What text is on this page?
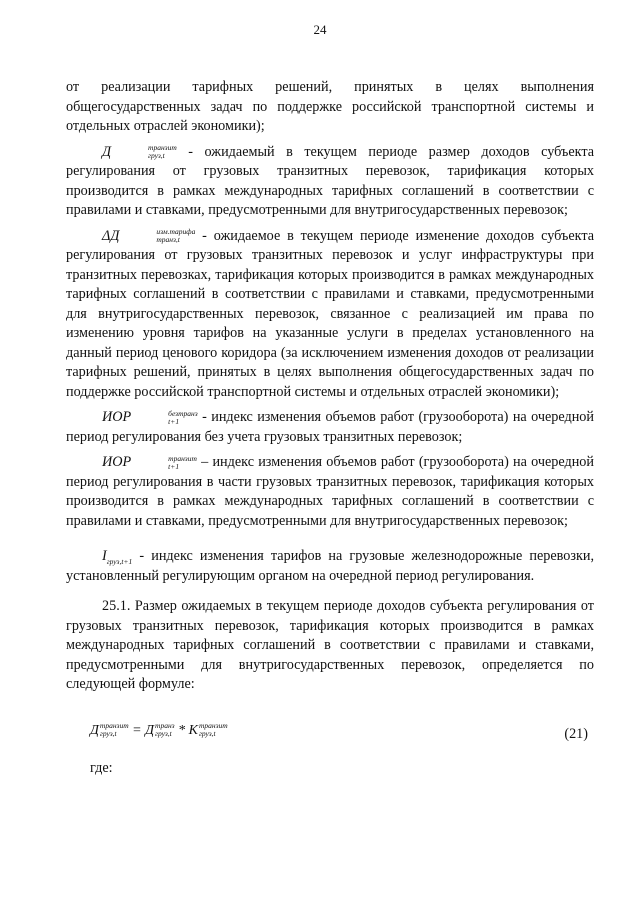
24

от реализации тарифных решений, принятых в целях выполнения общегосударственных задач по поддержке российской транспортной системы и отдельных отраслей экономики);

Д	транзит
груз,t - ожидаемый в текущем периоде размер доходов субъекта регулирования от грузовых транзитных перевозок, тарификация которых производится в рамках международных тарифных соглашений в соответствии с правилами и ставками, предусмотренными для внутригосударственных перевозок;

ΔД	изм.тарифа
транз,t	- ожидаемое в текущем периоде изменение доходов субъекта регулирования от грузовых транзитных перевозок и услуг инфраструктуры при транзитных перевозках, тарификация которых производится в рамках международных тарифных соглашений в соответствии с правилами и ставками, предусмотренными для внутригосударственных перевозок, связанное с реализацией им права по изменению уровня тарифов на указанные услуги в пределах установленного на данный период ценового коридора (за исключением изменения доходов от реализации тарифных решений, принятых в целях выполнения общегосударственных задач по поддержке российской транспортной системы и отдельных отраслей экономики);

ИОР	безтранз
t+1	- индекс изменения объемов работ (грузооборота) на очередной период регулирования без учета грузовых транзитных перевозок;

ИОР	транзит
t+1	– индекс изменения объемов работ (грузооборота) на очередной период регулирования в части грузовых транзитных перевозок, тарификация которых производится в рамках международных тарифных соглашений в соответствии с правилами и ставками, предусмотренными для внутригосударственных перевозок;

$I_{груз,t+1}$ - индекс изменения тарифов на грузовые железнодорожные перевозки, установленный регулирующим органом на очередной период регулирования.

25.1. Размер ожидаемых в текущем периоде доходов субъекта регулирования от грузовых транзитных перевозок, тарификация которых производится в рамках международных тарифных соглашений в соответствии с правилами и ставками, предусмотренными для внутригосударственных перевозок, определяется по следующей формуле:

Д транзит
груз,t = Д транз
груз,t * K транзит
груз,t	(21)

где:
